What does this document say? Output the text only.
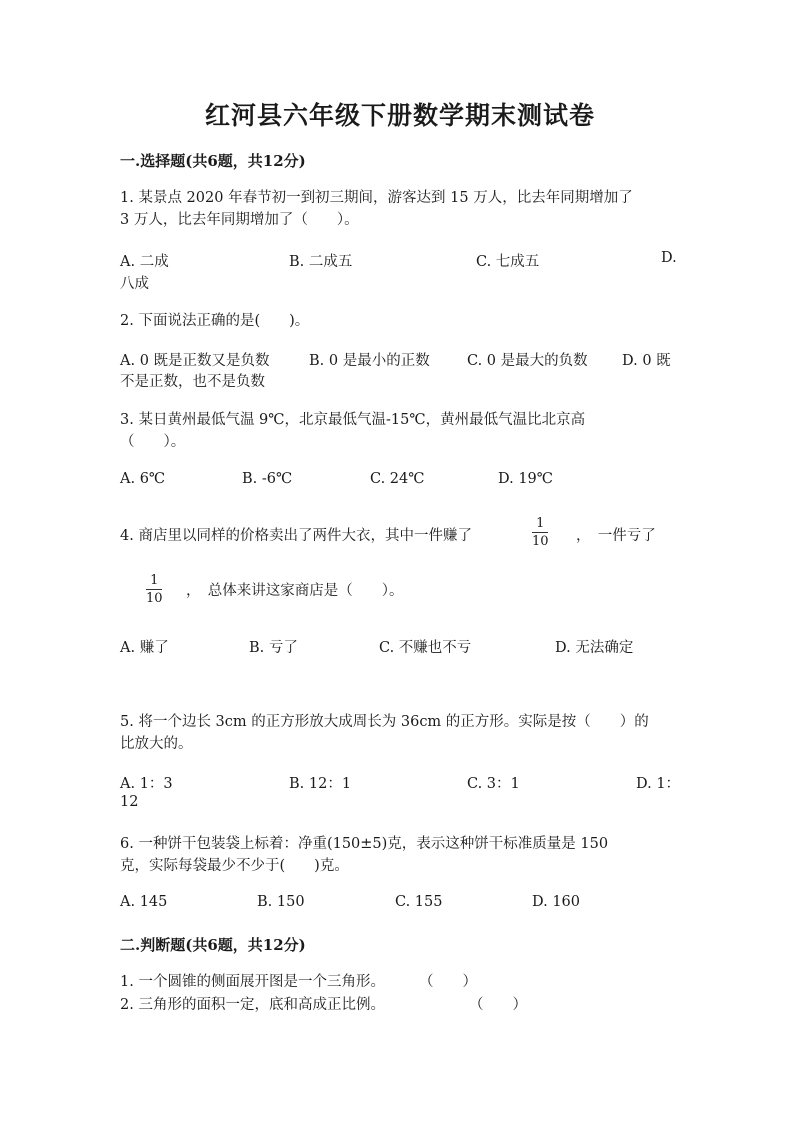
红河县六年级下册数学期末测试卷
一.选择题(共6题，共12分)
1. 某景点 2020 年春节初一到初三期间，游客达到 15 万人，比去年同期增加了
3 万人，比去年同期增加了（　　）。
A. 二成	B. 二成五	C. 七成五	D.
八成
2. 下面说法正确的是(　　)。
A. 0 既是正数又是负数	B. 0 是最小的正数	C. 0 是最大的负数 D. 0 既
不是正数，也不是负数
3. 某日黄州最低气温 9℃，北京最低气温-15℃，黄州最低气温比北京高
（　　）。
A. 6℃	B. -6℃	C. 24℃	D. 19℃
4. 商店里以同样的价格卖出了两件大衣，其中一件赚了
1
10 ，　一件亏了
1
10 ，　总体来讲这家商店是（　　）。
A. 赚了	B. 亏了	C. 不赚也不亏	D. 无法确定
5. 将一个边长 3cm 的正方形放大成周长为 36cm 的正方形。实际是按（　　）的
比放大的。
A. 1：3	B. 12：1	C. 3：1	D. 1：
12
6. 一种饼干包装袋上标着：净重(150±5)克，表示这种饼干标准质量是 150
克，实际每袋最少不少于(　　)克。
A. 145	B. 150	C. 155	D. 160
二.判断题(共6题，共12分)
1. 一个圆锥的侧面展开图是一个三角形。 （　　）
2. 三角形的面积一定，底和高成正比例。	（　　）
